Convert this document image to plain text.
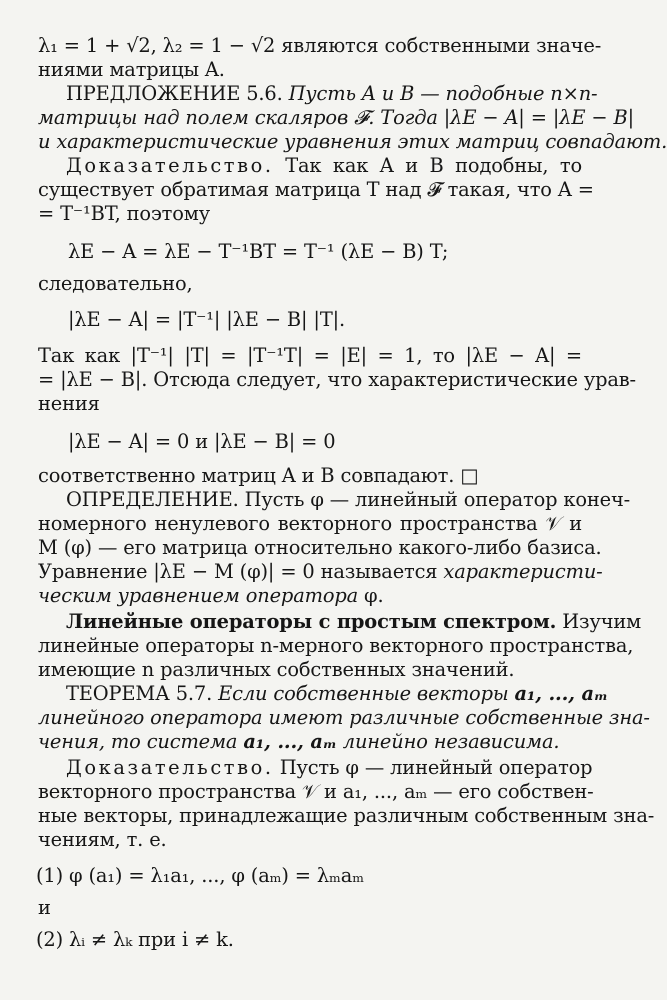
λ₁ = 1 + √2, λ₂ = 1 − √2 являются собственными значе-
ниями матрицы A.
ПРЕДЛОЖЕНИЕ 5.6. Пусть A и B — подобные n×n-
матрицы над полем скаляров 𝓕. Тогда |λE − A| = |λE − B|
и характеристические уравнения этих матриц совпадают.
Доказательство. Так как A и B подобны, то
существует обратимая матрица T над 𝓕 такая, что A =
= T⁻¹BT, поэтому
λE − A = λE − T⁻¹BT = T⁻¹ (λE − B) T;
следовательно,
|λE − A| = |T⁻¹| |λE − B| |T|.
Так как |T⁻¹| |T| = |T⁻¹T| = |E| = 1, то |λE − A| =
= |λE − B|. Отсюда следует, что характеристические урав-
нения
|λE − A| = 0 и |λE − B| = 0
соответственно матриц A и B совпадают. □
ОПРЕДЕЛЕНИЕ. Пусть φ — линейный оператор конеч-
номерного ненулевого векторного пространства 𝒱 и
M (φ) — его матрица относительно какого-либо базиса.
Уравнение |λE − M (φ)| = 0 называется характеристи-
ческим уравнением оператора φ.
Линейные операторы с простым спектром. Изучим
линейные операторы n-мерного векторного пространства,
имеющие n различных собственных значений.
ТЕОРЕМА 5.7. Если собственные векторы a₁, ..., aₘ
линейного оператора имеют различные собственные зна-
чения, то система a₁, ..., aₘ линейно независима.
Доказательство. Пусть φ — линейный оператор
векторного пространства 𝒱 и a₁, ..., aₘ — его собствен-
ные векторы, принадлежащие различным собственным зна-
чениям, т. е.
(1) φ (a₁) = λ₁a₁, ..., φ (aₘ) = λₘaₘ
и
(2) λᵢ ≠ λₖ при i ≠ k.
